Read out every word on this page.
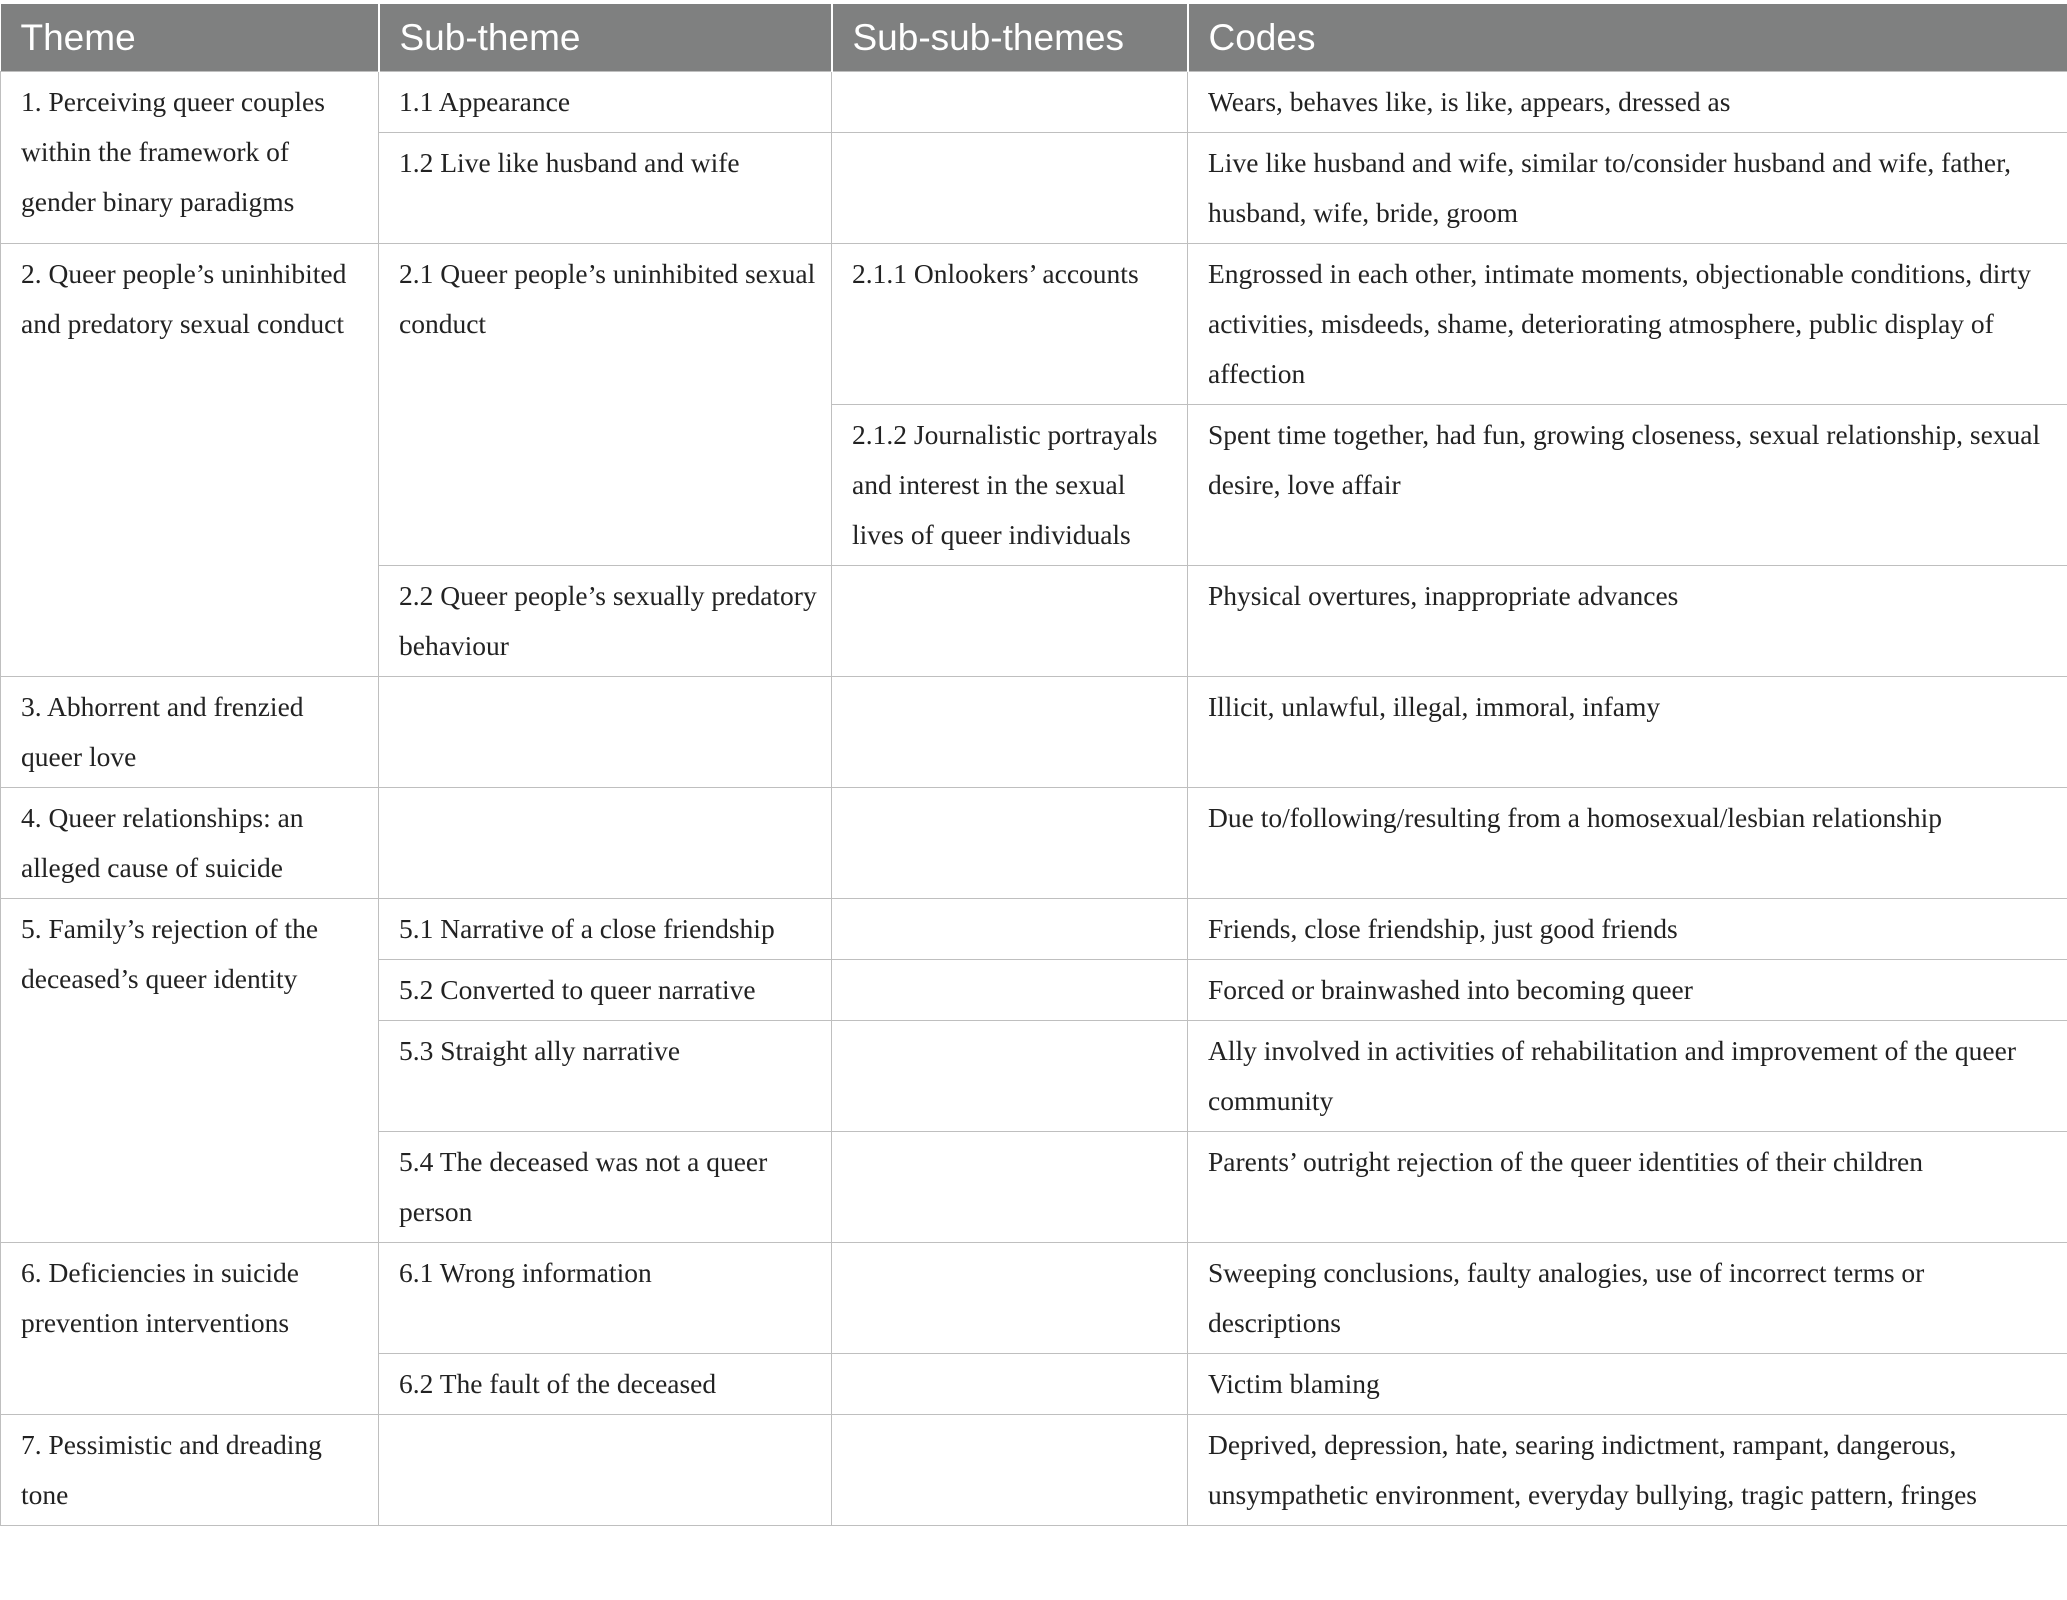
Theme	Sub-theme	Sub-sub-themes	Codes
1. Perceiving queer couples within the framework of gender binary paradigms	1.1 Appearance		Wears, behaves like, is like, appears, dressed as
	1.2 Live like husband and wife		Live like husband and wife, similar to/consider husband and wife, father, husband, wife, bride, groom
2. Queer people’s uninhibited and predatory sexual conduct	2.1 Queer people’s uninhibited sexual conduct	2.1.1 Onlookers’ accounts	Engrossed in each other, intimate moments, objectionable conditions, dirty activities, misdeeds, shame, deteriorating atmosphere, public display of affection
		2.1.2 Journalistic portrayals and interest in the sexual lives of queer individuals	Spent time together, had fun, growing closeness, sexual relationship, sexual desire, love affair
	2.2 Queer people’s sexually predatory behaviour		Physical overtures, inappropriate advances
3. Abhorrent and frenzied queer love			Illicit, unlawful, illegal, immoral, infamy
4. Queer relationships: an alleged cause of suicide			Due to/following/resulting from a homosexual/lesbian relationship
5. Family’s rejection of the deceased’s queer identity	5.1 Narrative of a close friendship		Friends, close friendship, just good friends
	5.2 Converted to queer narrative		Forced or brainwashed into becoming queer
	5.3 Straight ally narrative		Ally involved in activities of rehabilitation and improvement of the queer community
	5.4 The deceased was not a queer person		Parents’ outright rejection of the queer identities of their children
6. Deficiencies in suicide prevention interventions	6.1 Wrong information		Sweeping conclusions, faulty analogies, use of incorrect terms or descriptions
	6.2 The fault of the deceased		Victim blaming
7. Pessimistic and dreading tone			Deprived, depression, hate, searing indictment, rampant, dangerous, unsympathetic environment, everyday bullying, tragic pattern, fringes
